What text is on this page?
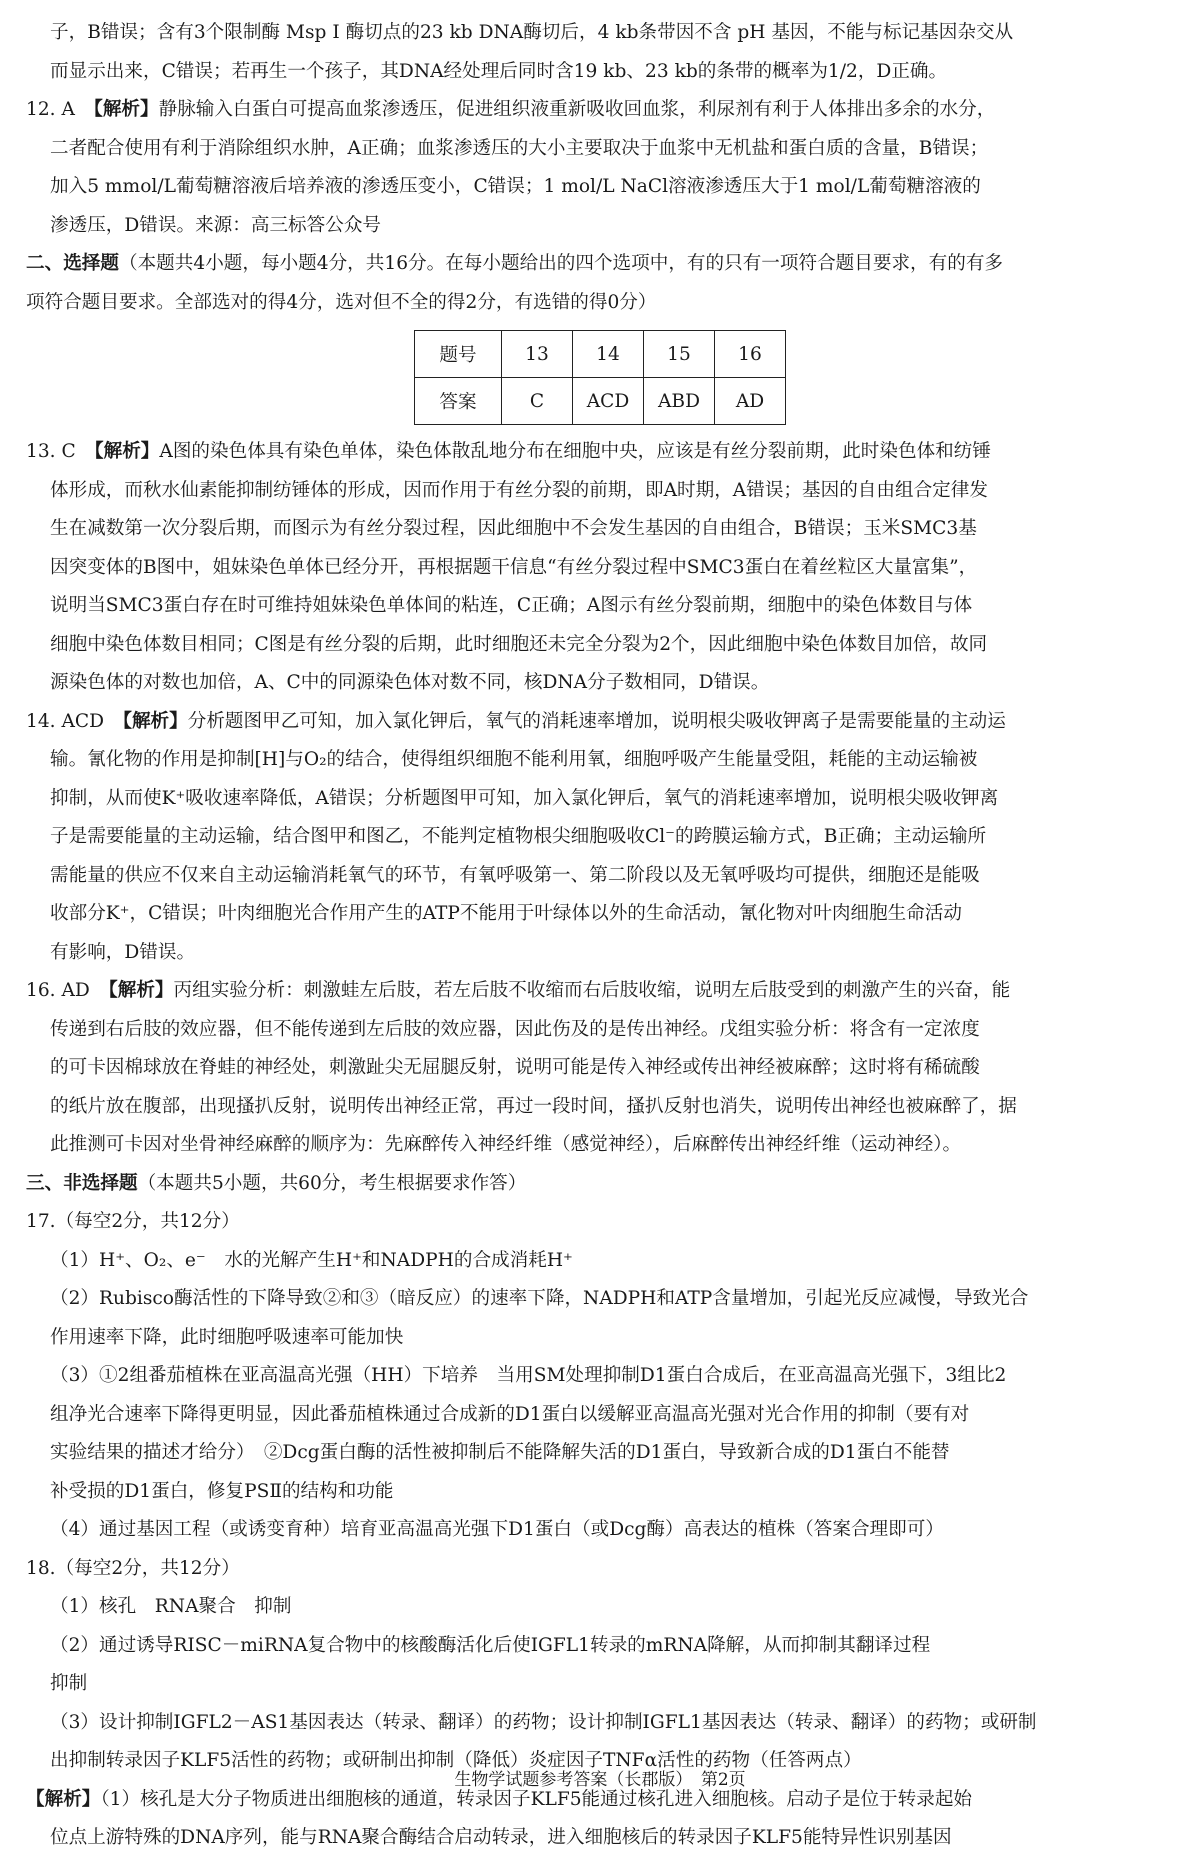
子，B错误；含有3个限制酶 Msp Ⅰ 酶切点的23 kb DNA酶切后，4 kb条带因不含 pH 基因，不能与标记基因杂交从

而显示出来，C错误；若再生一个孩子，其DNA经处理后同时含19 kb、23 kb的条带的概率为1/2，D正确。

12. A　 【解析】静脉输入白蛋白可提高血浆渗透压，促进组织液重新吸收回血浆，利尿剂有利于人体排出多余的水分，

二者配合使用有利于消除组织水肿，A正确；血浆渗透压的大小主要取决于血浆中无机盐和蛋白质的含量，B错误；

加入5 mmol/L葡萄糖溶液后培养液的渗透压变小，C错误；1 mol/L NaCl溶液渗透压大于1 mol/L葡萄糖溶液的

渗透压，D错误。来源：高三标答公众号

二、选择题（本题共4小题，每小题4分，共16分。在每小题给出的四个选项中，有的只有一项符合题目要求，有的有多

项符合题目要求。全部选对的得4分，选对但不全的得2分，有选错的得0分）

题号	13	14	15	16
答案	C	ACD	ABD	AD

13. C　 【解析】A图的染色体具有染色单体，染色体散乱地分布在细胞中央，应该是有丝分裂前期，此时染色体和纺锤

体形成，而秋水仙素能抑制纺锤体的形成，因而作用于有丝分裂的前期，即A时期，A错误；基因的自由组合定律发

生在减数第一次分裂后期，而图示为有丝分裂过程，因此细胞中不会发生基因的自由组合，B错误；玉米SMC3基

因突变体的B图中，姐妹染色单体已经分开，再根据题干信息“有丝分裂过程中SMC3蛋白在着丝粒区大量富集”，

说明当SMC3蛋白存在时可维持姐妹染色单体间的粘连，C正确；A图示有丝分裂前期，细胞中的染色体数目与体

细胞中染色体数目相同；C图是有丝分裂的后期，此时细胞还未完全分裂为2个，因此细胞中染色体数目加倍，故同

源染色体的对数也加倍，A、C中的同源染色体对数不同，核DNA分子数相同，D错误。

14. ACD　 【解析】分析题图甲乙可知，加入氯化钾后，氧气的消耗速率增加，说明根尖吸收钾离子是需要能量的主动运

输。氰化物的作用是抑制[H]与O₂的结合，使得组织细胞不能利用氧，细胞呼吸产生能量受阻，耗能的主动运输被

抑制，从而使K⁺吸收速率降低，A错误；分析题图甲可知，加入氯化钾后，氧气的消耗速率增加，说明根尖吸收钾离

子是需要能量的主动运输，结合图甲和图乙，不能判定植物根尖细胞吸收Cl⁻的跨膜运输方式，B正确；主动运输所

需能量的供应不仅来自主动运输消耗氧气的环节，有氧呼吸第一、第二阶段以及无氧呼吸均可提供，细胞还是能吸

收部分K⁺，C错误；叶肉细胞光合作用产生的ATP不能用于叶绿体以外的生命活动，氰化物对叶肉细胞生命活动

有影响，D错误。

16. AD　 【解析】丙组实验分析：刺激蛙左后肢，若左后肢不收缩而右后肢收缩，说明左后肢受到的刺激产生的兴奋，能

传递到右后肢的效应器，但不能传递到左后肢的效应器，因此伤及的是传出神经。戊组实验分析：将含有一定浓度

的可卡因棉球放在脊蛙的神经处，刺激趾尖无屈腿反射，说明可能是传入神经或传出神经被麻醉；这时将有稀硫酸

的纸片放在腹部，出现搔扒反射，说明传出神经正常，再过一段时间，搔扒反射也消失，说明传出神经也被麻醉了，据

此推测可卡因对坐骨神经麻醉的顺序为：先麻醉传入神经纤维（感觉神经），后麻醉传出神经纤维（运动神经）。

三、非选择题（本题共5小题，共60分，考生根据要求作答）

17.（每空2分，共12分）

（1）H⁺、O₂、e⁻　水的光解产生H⁺和NADPH的合成消耗H⁺

（2）Rubisco酶活性的下降导致②和③（暗反应）的速率下降，NADPH和ATP含量增加，引起光反应减慢，导致光合

作用速率下降，此时细胞呼吸速率可能加快

（3）①2组番茄植株在亚高温高光强（HH）下培养　当用SM处理抑制D1蛋白合成后，在亚高温高光强下，3组比2

组净光合速率下降得更明显，因此番茄植株通过合成新的D1蛋白以缓解亚高温高光强对光合作用的抑制（要有对

实验结果的描述才给分）　②Dcg蛋白酶的活性被抑制后不能降解失活的D1蛋白，导致新合成的D1蛋白不能替

补受损的D1蛋白，修复PSⅡ的结构和功能

（4）通过基因工程（或诱变育种）培育亚高温高光强下D1蛋白（或Dcg酶）高表达的植株（答案合理即可）

18.（每空2分，共12分）

（1）核孔　RNA聚合　抑制

（2）通过诱导RISC－miRNA复合物中的核酸酶活化后使IGFL1转录的mRNA降解，从而抑制其翻译过程

抑制

（3）设计抑制IGFL2－AS1基因表达（转录、翻译）的药物；设计抑制IGFL1基因表达（转录、翻译）的药物；或研制

出抑制转录因子KLF5活性的药物；或研制出抑制（降低）炎症因子TNFα活性的药物（任答两点）

【解析】（1）核孔是大分子物质进出细胞核的通道，转录因子KLF5能通过核孔进入细胞核。启动子是位于转录起始

位点上游特殊的DNA序列，能与RNA聚合酶结合启动转录，进入细胞核后的转录因子KLF5能特异性识别基因

生物学试题参考答案（长郡版）　第2页
